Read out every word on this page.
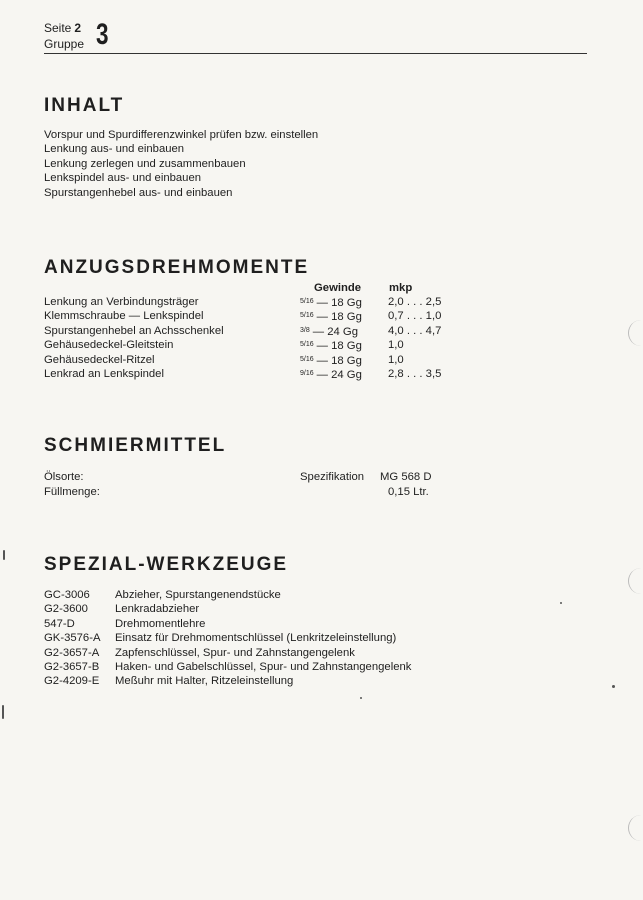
Seite 2
Gruppe 3
INHALT
Vorspur und Spurdifferenzwinkel prüfen bzw. einstellen
Lenkung aus- und einbauen
Lenkung zerlegen und zusammenbauen
Lenkspindel aus- und einbauen
Spurstangenhebel aus- und einbauen
ANZUGSDREHMOMENTE
Gewinde mkp
Lenkung an Verbindungsträger	$^{5/16}$ — 18 Gg 2,0 . . . 2,5
Klemmschraube — Lenkspindel	$^{5/16}$ — 18 Gg 0,7 . . . 1,0
Spurstangenhebel an Achsschenkel	$^{3/8}$ — 24 Gg	4,0 . . . 4,7
Gehäusedeckel-Gleitstein	$^{5/16}$ — 18 Gg 1,0
Gehäusedeckel-Ritzel	$^{5/16}$ — 18 Gg 1,0
Lenkrad an Lenkspindel	$^{9/16}$ — 24 Gg 2,8 . . . 3,5
SCHMIERMITTEL
Ölsorte:	Spezifikation MG 568 D
Füllmenge:	0,15 Ltr.
SPEZIAL-WERKZEUGE
GC-3006 Abzieher, Spurstangenendstücke
G2-3600 Lenkradabzieher
547-D	Drehmomentlehre
GK-3576-A Einsatz für Drehmomentschlüssel (Lenkritzeleinstellung)
G2-3657-A Zapfenschlüssel, Spur- und Zahnstangengelenk
G2-3657-B Haken- und Gabelschlüssel, Spur- und Zahnstangengelenk
G2-4209-E Meßuhr mit Halter, Ritzeleinstellung
